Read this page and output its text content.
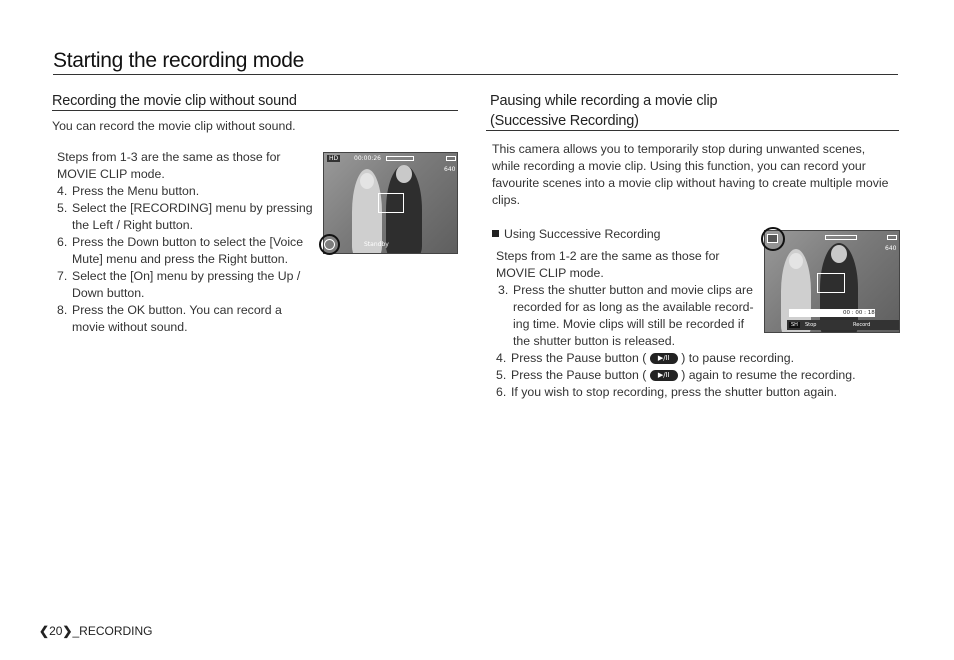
Starting the recording mode
Recording the movie clip without sound
You can record the movie clip without sound.
Steps from 1-3 are the same as those for
MOVIE CLIP mode.
4. Press the Menu button.
5. Select the [RECORDING] menu by pressing
the Left / Right button.
6. Press the Down button to select the [Voice
Mute] menu and press the Right button.
7. Select the [On] menu by pressing the Up /
Down button.
8. Press the OK button. You can record a
movie without sound.
HD	00:00:26
640
Standby
Pausing while recording a movie clip
(Successive Recording)
This camera allows you to temporarily stop during unwanted scenes,
while recording a movie clip. Using this function, you can record your
favourite scenes into a movie clip without having to create multiple movie
clips.
Using Successive Recording
Steps from 1-2 are the same as those for
MOVIE CLIP mode.
3. Press the shutter button and movie clips are
recorded for as long as the available record-
ing time. Movie clips will still be recorded if
the shutter button is released.
4. Press the Pause button ( ▶/II ) to pause recording.
5. Press the Pause button ( ▶/II ) again to resume the recording.
6. If you wish to stop recording, press the shutter button again.
640
00 : 00 : 18
SH	Stop	Record
❮20❯_RECORDING
